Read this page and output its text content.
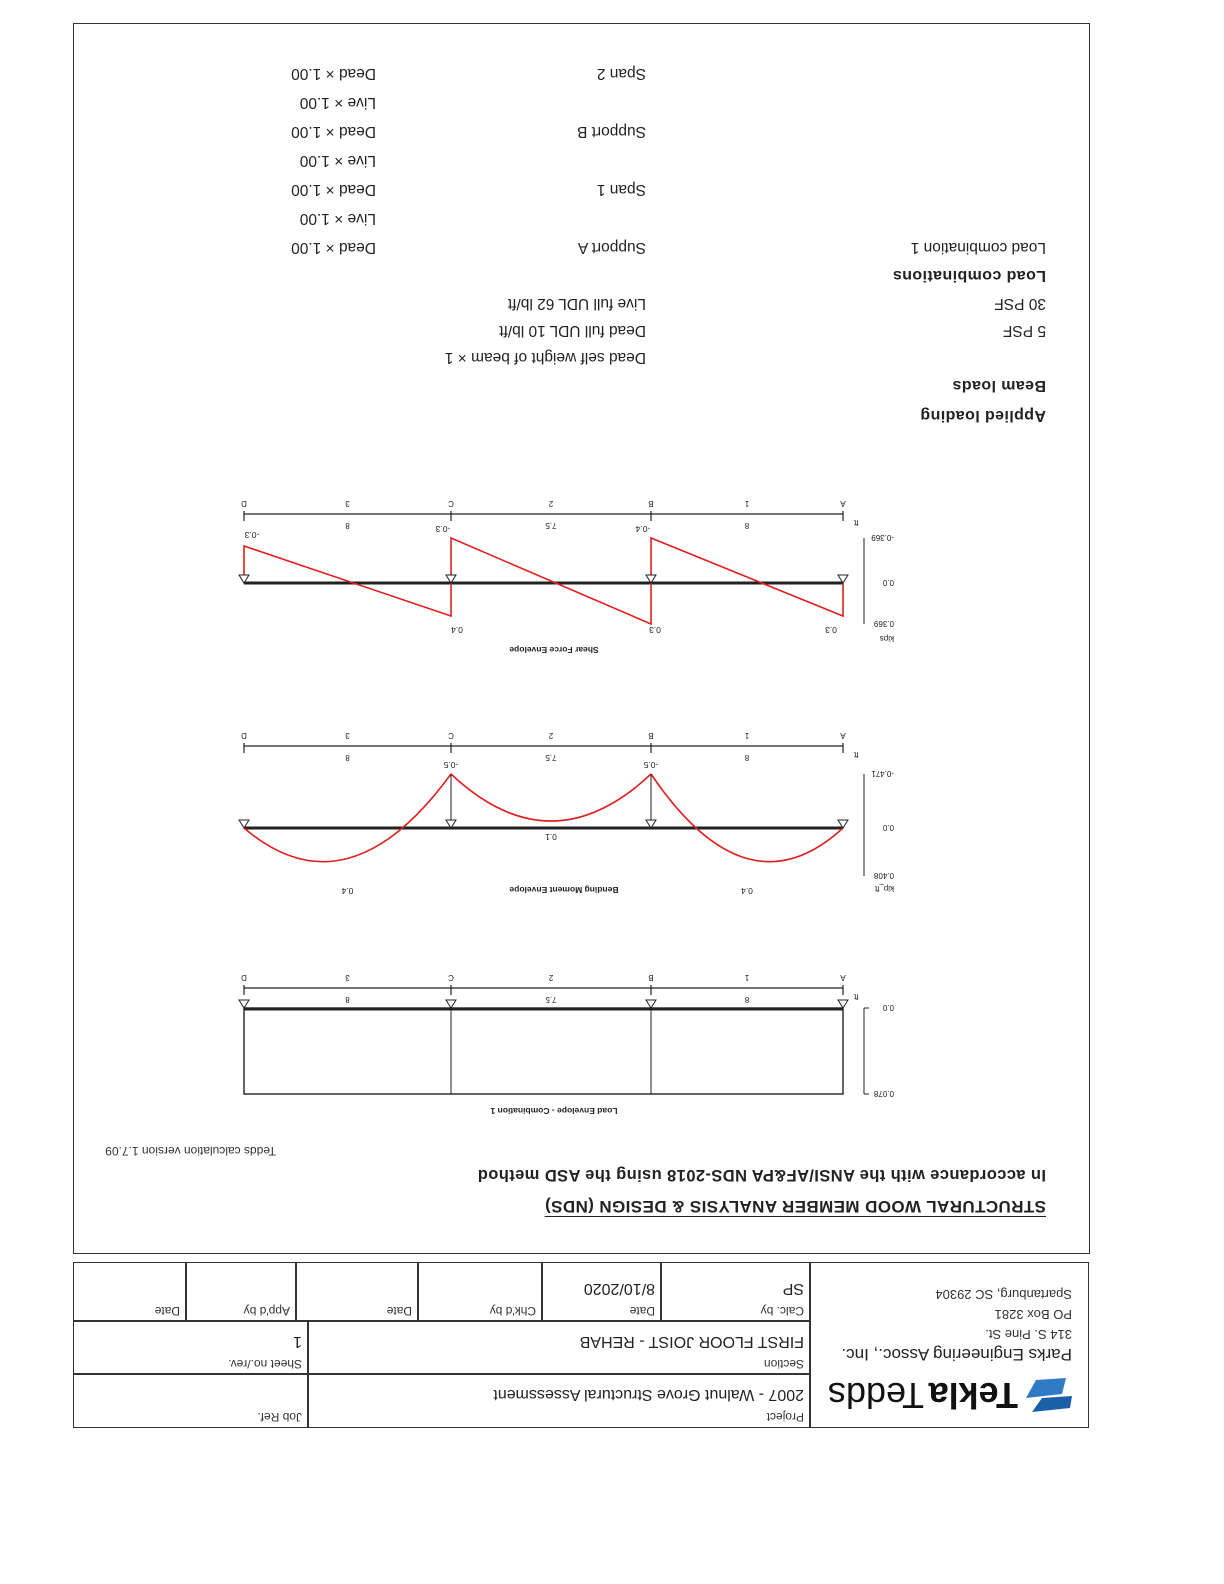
Tekla
Tedds
Parks Engineering Assoc., Inc.
314 S. Pine St.
PO Box 3281
Spartanburg, SC 29304
Project
2007 - Walnut Grove Structural Assessment
Job Ref.
Section
FIRST FLOOR JOIST - REHAB
Sheet no./rev.
1
Calc. by
SP
Date
8/10/2020
Chk'd by
Date
App'd by
Date
STRUCTURAL WOOD MEMBER ANALYSIS & DESIGN (NDS)
In accordance with the ANSI/AF&PA NDS-2018 using the ASD method
Tedds calculation version 1.7.09
Load Envelope - Combination 1
0.078
0.0
8
7.5
8
A
1
B
2
C
3
D
ft
Bending Moment Envelope	kip_ft
0.408
0.0
-0.471
0.4
-0.5
0.1
-0.5
0.4
8
7.5
8
A
1
B
2
C
3
D
ft
Shear Force Envelope
kips
0.369
0.0
-0.369
0.3
-0.4
0.3
-0.3
0.4
-0.3
8
7.5
8
A
1
B
2
C
3
D
ft
Applied loading
Beam loads
Dead self weight of beam × 1
5 PSF
Dead full UDL 10 lb/ft
30 PSF
Live full UDL 62 lb/ft
Load combinations
Load combination 1
Support A
Dead × 1.00
Live × 1.00
Span 1
Dead × 1.00
Live × 1.00
Support B
Dead × 1.00
Live × 1.00
Span 2
Dead × 1.00
